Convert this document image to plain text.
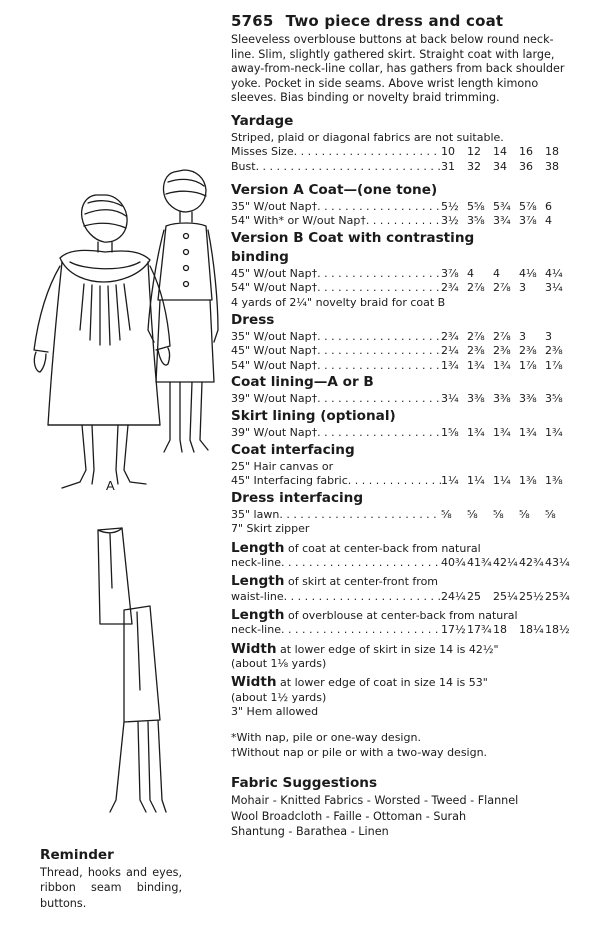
A
5765 Two piece dress and coat
Sleeveless overblouse buttons at back below round neck-line. Slim, slightly gathered skirt. Straight coat with large, away-from-neck-line collar, has gathers from back shoulder yoke. Pocket in side seams. Above wrist length kimono sleeves. Bias binding or novelty braid trimming.
Yardage
Striped, plaid or diagonal fabrics are not suitable.
Misses Size . . .	10	12	14	16	18
Bust . . .	31	32	34	36	38
Version A Coat—(one tone)
35" W/out Nap† . . .	5½ 5⅝ 5¾ 5⅞ 6
54" With* or W/out Nap† . . .	3½ 3⅝ 3¾ 3⅞ 4
Version B Coat with contrasting
binding
45" W/out Nap† . . .	3⅞ 4	4	4⅛ 4¼
54" W/out Nap† . . .	2¾ 2⅞ 2⅞ 3	3¼
4 yards of 2¼" novelty braid for coat B
Dress
35" W/out Nap† . . .	2¾ 2⅞ 2⅞ 3	3
45" W/out Nap† . . .	2¼ 2⅜ 2⅜ 2⅜ 2⅜
54" W/out Nap† . . .	1¾ 1¾ 1¾ 1⅞ 1⅞
Coat lining—A or B
39" W/out Nap† . . .	3¼ 3⅜ 3⅜ 3⅜ 3⅝
Skirt lining (optional)
39" W/out Nap† . . .	1⅝ 1¾ 1¾ 1¾ 1¾
Coat interfacing
25" Hair canvas or
45" Interfacing fabric . . .	1¼ 1¼ 1¼ 1⅜ 1⅜
Dress interfacing
35" lawn . . .	⅝	⅝	⅝	⅝	⅝
7" Skirt zipper
Length of coat at center-back from natural
neck-line . . .	40¾ 41¾ 42¼ 42¾ 43¼
Length of skirt at center-front from
waist-line . . .	24¼ 25	25¼ 25½ 25¾
Length of overblouse at center-back from natural
neck-line . . .	17½ 17¾ 18	18¼ 18½
Width at lower edge of skirt in size 14 is 42½"
(about 1⅛ yards)
Width at lower edge of coat in size 14 is 53"
(about 1½ yards)
3" Hem allowed
*With nap, pile or one-way design.
†Without nap or pile or with a two-way design.
Fabric Suggestions
Mohair - Knitted Fabrics - Worsted - Tweed - Flannel
Wool Broadcloth - Faille - Ottoman - Surah
Shantung - Barathea - Linen
Reminder
Thread, hooks and eyes, ribbon seam binding, buttons.
